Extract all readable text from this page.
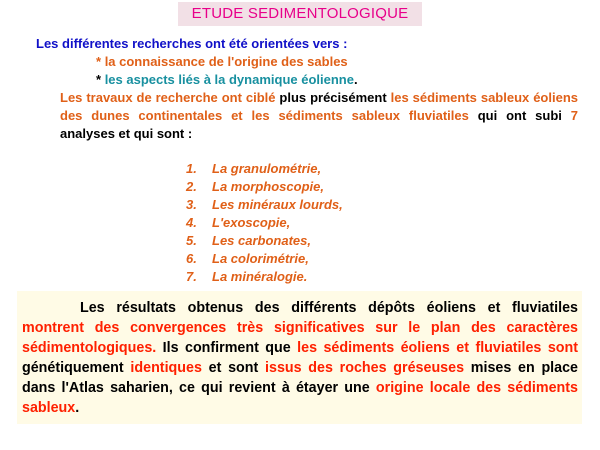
ETUDE SEDIMENTOLOGIQUE
Les différentes recherches ont été orientées vers :
* la connaissance de l'origine des sables
* les aspects liés à la dynamique éolienne.
Les travaux de recherche ont ciblé plus précisément les sédiments sableux éoliens des dunes continentales et les sédiments sableux fluviatiles qui ont subi 7 analyses et qui sont :
1. La granulométrie,
2. La morphoscopie,
3. Les minéraux lourds,
4. L'exoscopie,
5. Les carbonates,
6. La colorimétrie,
7. La minéralogie.
Les résultats obtenus des différents dépôts éoliens et fluviatiles montrent des convergences très significatives sur le plan des caractères sédimentologiques. Ils confirment que les sédiments éoliens et fluviatiles sont génétiquement identiques et sont issus des roches gréseuses mises en place dans l'Atlas saharien, ce qui revient à étayer une origine locale des sédiments sableux.
